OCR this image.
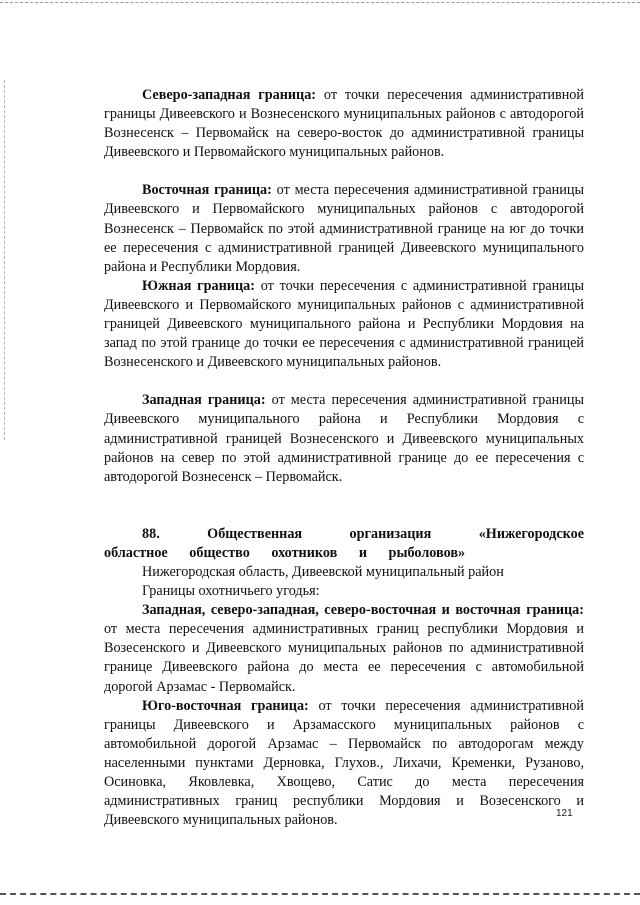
Северо-западная граница: от точки пересечения административной границы Дивеевского и Вознесенского муниципальных районов с автодорогой Вознесенск – Первомайск на северо-восток до административной границы Дивеевского и Первомайского муниципальных районов.

Восточная граница: от места пересечения административной границы Дивеевского и Первомайского муниципальных районов с автодорогой Вознесенск – Первомайск по этой административной границе на юг до точки ее пересечения с административной границей Дивеевского муниципального района и Республики Мордовия.

Южная граница: от точки пересечения с административной границы Дивеевского и Первомайского муниципальных районов с административной границей Дивеевского муниципального района и Республики Мордовия на запад по этой границе до точки ее пересечения с административной границей Вознесенского и Дивеевского муниципальных районов.

Западная граница: от места пересечения административной границы Дивеевского муниципального района и Республики Мордовия с административной границей Вознесенского и Дивеевского муниципальных районов на север по этой административной границе до ее пересечения с автодорогой Вознесенск – Первомайск.

88. Общественная организация «Нижегородское областное общество охотников и рыболовов»

Нижегородская область, Дивеевской муниципальный район

Границы охотничьего угодья:

Западная, северо-западная, северо-восточная и восточная граница: от места пересечения административных границ республики Мордовия и Возесенского и Дивеевского муниципальных районов по административной границе Дивеевского района до места ее пересечения с автомобильной дорогой Арзамас - Первомайск.

Юго-восточная граница: от точки пересечения административной границы Дивеевского и Арзамасского муниципальных районов с автомобильной дорогой Арзамас – Первомайск по автодорогам между населенными пунктами Дерновка, Глухов., Лихачи, Кременки, Рузаново, Осиновка, Яковлевка, Хвощево, Сатис до места пересечения административных границ республики Мордовия и Возесенского и Дивеевского муниципальных районов.	121
